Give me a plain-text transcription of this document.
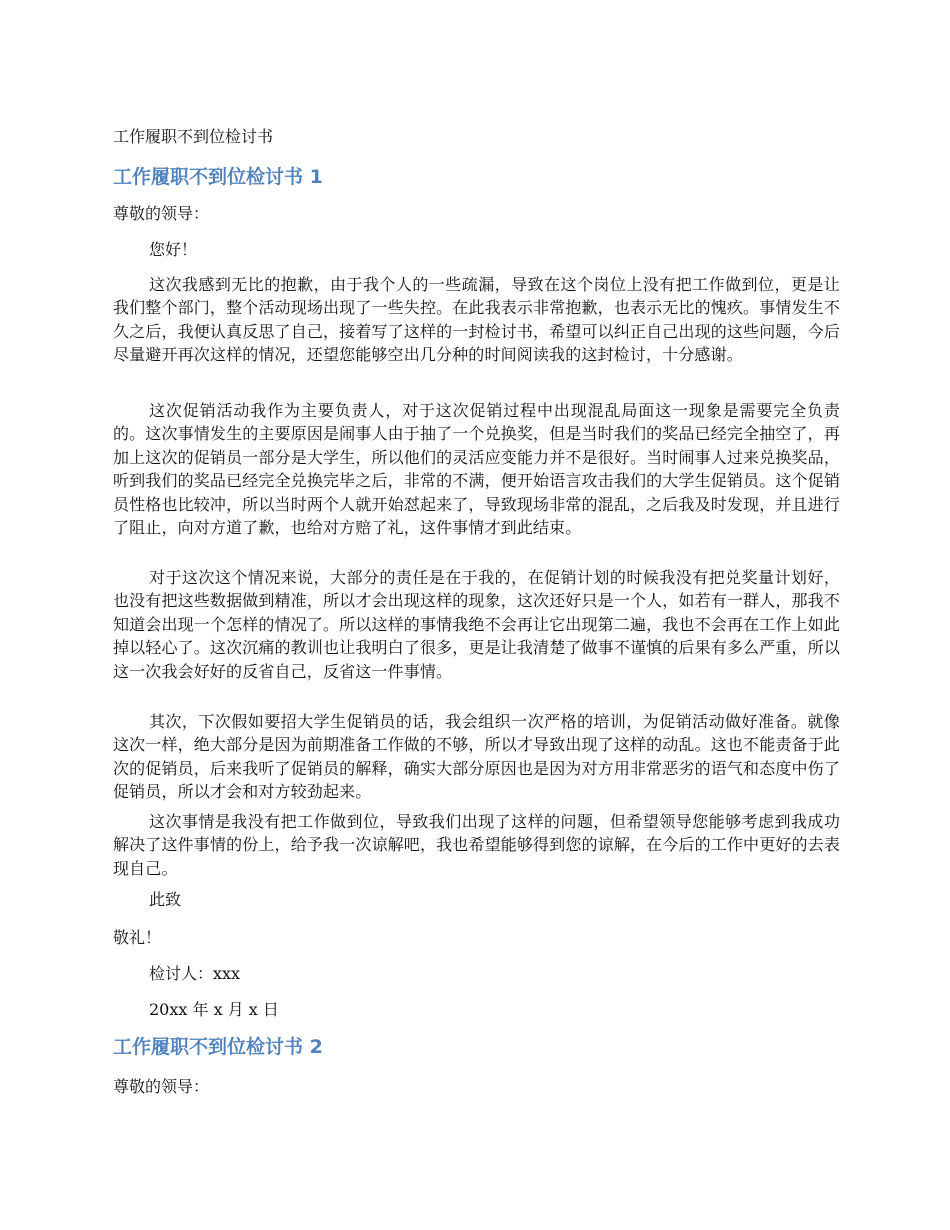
工作履职不到位检讨书
工作履职不到位检讨书 1
尊敬的领导：
您好！
这次我感到无比的抱歉，由于我个人的一些疏漏，导致在这个岗位上没有把工作做到位，更是让我们整个部门，整个活动现场出现了一些失控。在此我表示非常抱歉，也表示无比的愧疚。事情发生不久之后，我便认真反思了自己，接着写了这样的一封检讨书，希望可以纠正自己出现的这些问题，今后尽量避开再次这样的情况，还望您能够空出几分种的时间阅读我的这封检讨，十分感谢。
这次促销活动我作为主要负责人，对于这次促销过程中出现混乱局面这一现象是需要完全负责的。这次事情发生的主要原因是闹事人由于抽了一个兑换奖，但是当时我们的奖品已经完全抽空了，再加上这次的促销员一部分是大学生，所以他们的灵活应变能力并不是很好。当时闹事人过来兑换奖品，听到我们的奖品已经完全兑换完毕之后，非常的不满，便开始语言攻击我们的大学生促销员。这个促销员性格也比较冲，所以当时两个人就开始怼起来了，导致现场非常的混乱，之后我及时发现，并且进行了阻止，向对方道了歉，也给对方赔了礼，这件事情才到此结束。
对于这次这个情况来说，大部分的责任是在于我的，在促销计划的时候我没有把兑奖量计划好，也没有把这些数据做到精准，所以才会出现这样的现象，这次还好只是一个人，如若有一群人，那我不知道会出现一个怎样的情况了。所以这样的事情我绝不会再让它出现第二遍，我也不会再在工作上如此掉以轻心了。这次沉痛的教训也让我明白了很多，更是让我清楚了做事不谨慎的后果有多么严重，所以这一次我会好好的反省自己，反省这一件事情。
其次，下次假如要招大学生促销员的话，我会组织一次严格的培训，为促销活动做好准备。就像这次一样，绝大部分是因为前期准备工作做的不够，所以才导致出现了这样的动乱。这也不能责备于此次的促销员，后来我听了促销员的解释，确实大部分原因也是因为对方用非常恶劣的语气和态度中伤了促销员，所以才会和对方较劲起来。
这次事情是我没有把工作做到位，导致我们出现了这样的问题，但希望领导您能够考虑到我成功解决了这件事情的份上，给予我一次谅解吧，我也希望能够得到您的谅解，在今后的工作中更好的去表现自己。
此致
敬礼！
检讨人：xxx
20xx 年 x 月 x 日
工作履职不到位检讨书 2
尊敬的领导：
